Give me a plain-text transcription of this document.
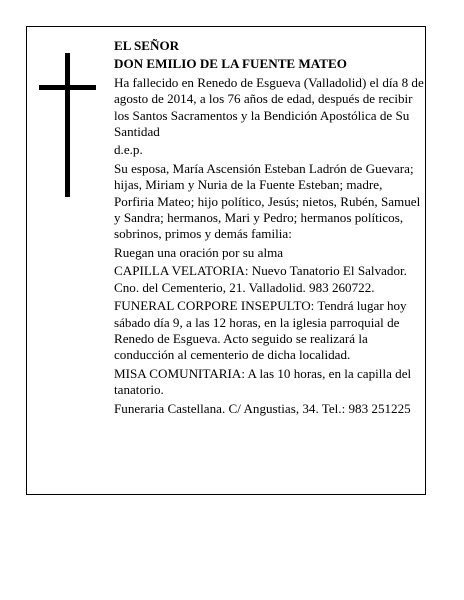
EL SEÑOR

DON EMILIO DE LA FUENTE MATEO

Ha fallecido en Renedo de Esgueva (Valladolid) el día 8 de agosto de 2014, a los 76 años de edad, después de recibir los Santos Sacramentos y la Bendición Apostólica de Su Santidad

d.e.p.

Su esposa, María Ascensión Esteban Ladrón de Guevara; hijas, Miriam y Nuria de la Fuente Esteban; madre, Porfiria Mateo; hijo político, Jesús; nietos, Rubén, Samuel y Sandra; hermanos, Mari y Pedro; hermanos políticos, sobrinos, primos y demás familia:

Ruegan una oración por su alma

CAPILLA VELATORIA: Nuevo Tanatorio El Salvador. Cno. del Cementerio, 21. Valladolid. 983 260722.

FUNERAL CORPORE INSEPULTO: Tendrá lugar hoy sábado día 9, a las 12 horas, en la iglesia parroquial de Renedo de Esgueva. Acto seguido se realizará la conducción al cementerio de dicha localidad.

MISA COMUNITARIA: A las 10 horas, en la capilla del tanatorio.

Funeraria Castellana. C/ Angustias, 34. Tel.: 983 251225
